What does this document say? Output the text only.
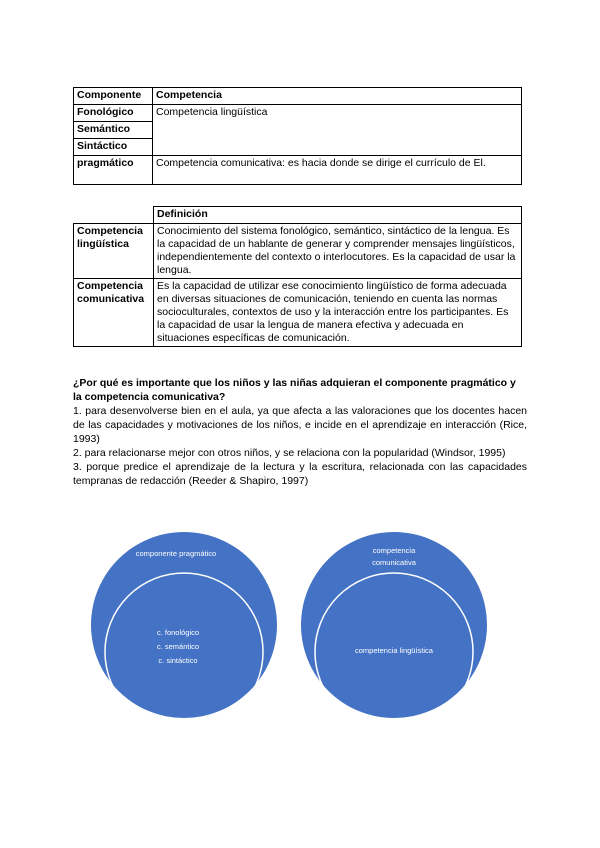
Componente	Competencia
Fonológico	Competencia lingüística
Semántico	
Sintáctico	
pragmático	Competencia comunicativa: es hacia donde se dirige el currículo de El.
	Definición
Competencia lingüística	Conocimiento del sistema fonológico, semántico, sintáctico de la lengua. Es la capacidad de un hablante de generar y comprender mensajes lingüísticos, independientemente del contexto o interlocutores. Es la capacidad de usar la lengua.
Competencia comunicativa	Es la capacidad de utilizar ese conocimiento lingüístico de forma adecuada en diversas situaciones de comunicación, teniendo en cuenta las normas socioculturales, contextos de uso y la interacción entre los participantes. Es la capacidad de usar la lengua de manera efectiva y adecuada en situaciones específicas de comunicación.

¿Por qué es importante que los niños y las niñas adquieran el componente pragmático y la competencia comunicativa?

1. para desenvolverse bien en el aula, ya que afecta a las valoraciones que los docentes hacen de las capacidades y motivaciones de los niños, e incide en el aprendizaje en interacción (Rice, 1993)

2. para relacionarse mejor con otros niños, y se relaciona con la popularidad (Windsor, 1995)

3. porque predice el aprendizaje de la lectura y la escritura, relacionada con las capacidades tempranas de redacción (Reeder & Shapiro, 1997)

componente pragmático
c. fonológico
c. semántico
c. sintáctico
competencia
comunicativa
competencia lingüística
